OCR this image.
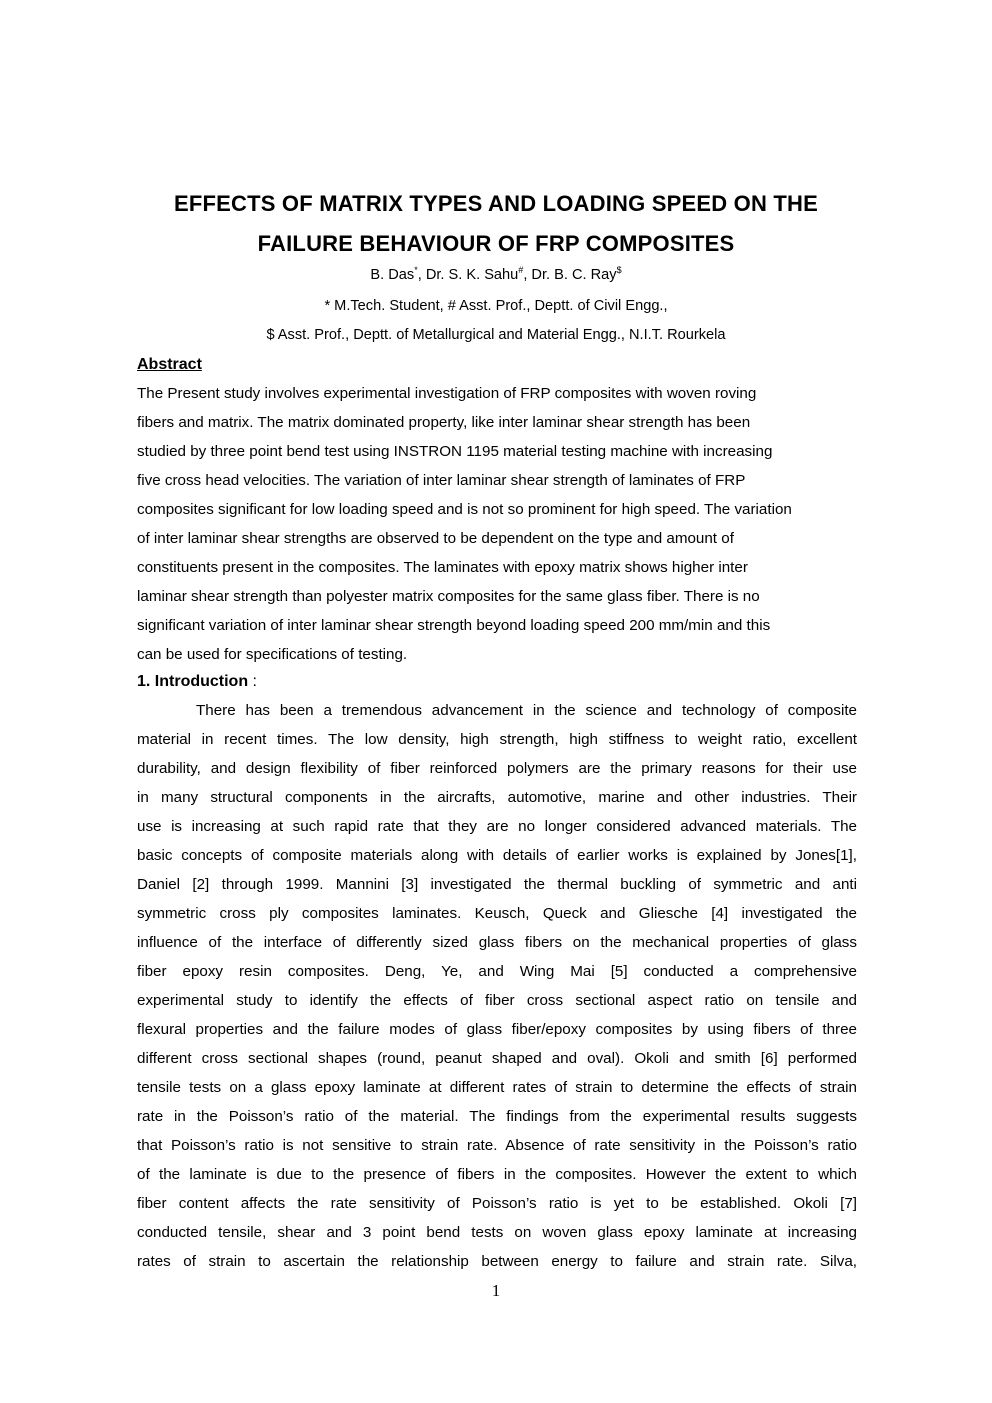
EFFECTS OF MATRIX TYPES AND LOADING SPEED ON THE
FAILURE BEHAVIOUR OF FRP COMPOSITES
B. Das*, Dr. S. K. Sahu#, Dr. B. C. Ray$
* M.Tech. Student, # Asst. Prof., Deptt. of Civil Engg.,
$ Asst. Prof., Deptt. of Metallurgical and Material Engg., N.I.T. Rourkela
Abstract
The Present study involves experimental investigation of FRP composites with woven roving
fibers and matrix. The matrix dominated property, like inter laminar shear strength has been
studied by three point bend test using INSTRON 1195 material testing machine with increasing
five cross head velocities. The variation of inter laminar shear strength of laminates of FRP
composites significant for low loading speed and is not so prominent for high speed. The variation
of inter laminar shear strengths are observed to be dependent on the type and amount of
constituents present in the composites. The laminates with epoxy matrix shows higher inter
laminar shear strength than polyester matrix composites for the same glass fiber. There is no
significant variation of inter laminar shear strength beyond loading speed 200 mm/min and this
can be used for specifications of testing.
1. Introduction :
There has been a tremendous advancement in the science and technology of composite
material in recent times. The low density, high strength, high stiffness to weight ratio, excellent
durability, and design flexibility of fiber reinforced polymers are the primary reasons for their use
in many structural components in the aircrafts, automotive, marine and other industries. Their
use is increasing at such rapid rate that they are no longer considered advanced materials. The
basic concepts of composite materials along with details of earlier works is explained by Jones[1],
Daniel [2] through 1999. Mannini [3] investigated the thermal buckling of symmetric and anti
symmetric cross ply composites laminates. Keusch, Queck and Gliesche [4] investigated the
influence of the interface of differently sized glass fibers on the mechanical properties of glass
fiber epoxy resin composites. Deng, Ye, and Wing Mai [5] conducted a comprehensive
experimental study to identify the effects of fiber cross sectional aspect ratio on tensile and
flexural properties and the failure modes of glass fiber/epoxy composites by using fibers of three
different cross sectional shapes (round, peanut shaped and oval). Okoli and smith [6] performed
tensile tests on a glass epoxy laminate at different rates of strain to determine the effects of strain
rate in the Poisson’s ratio of the material. The findings from the experimental results suggests
that Poisson’s ratio is not sensitive to strain rate. Absence of rate sensitivity in the Poisson’s ratio
of the laminate is due to the presence of fibers in the composites. However the extent to which
fiber content affects the rate sensitivity of Poisson’s ratio is yet to be established. Okoli [7]
conducted tensile, shear and 3 point bend tests on woven glass epoxy laminate at increasing
rates of strain to ascertain the relationship between energy to failure and strain rate. Silva,
1
